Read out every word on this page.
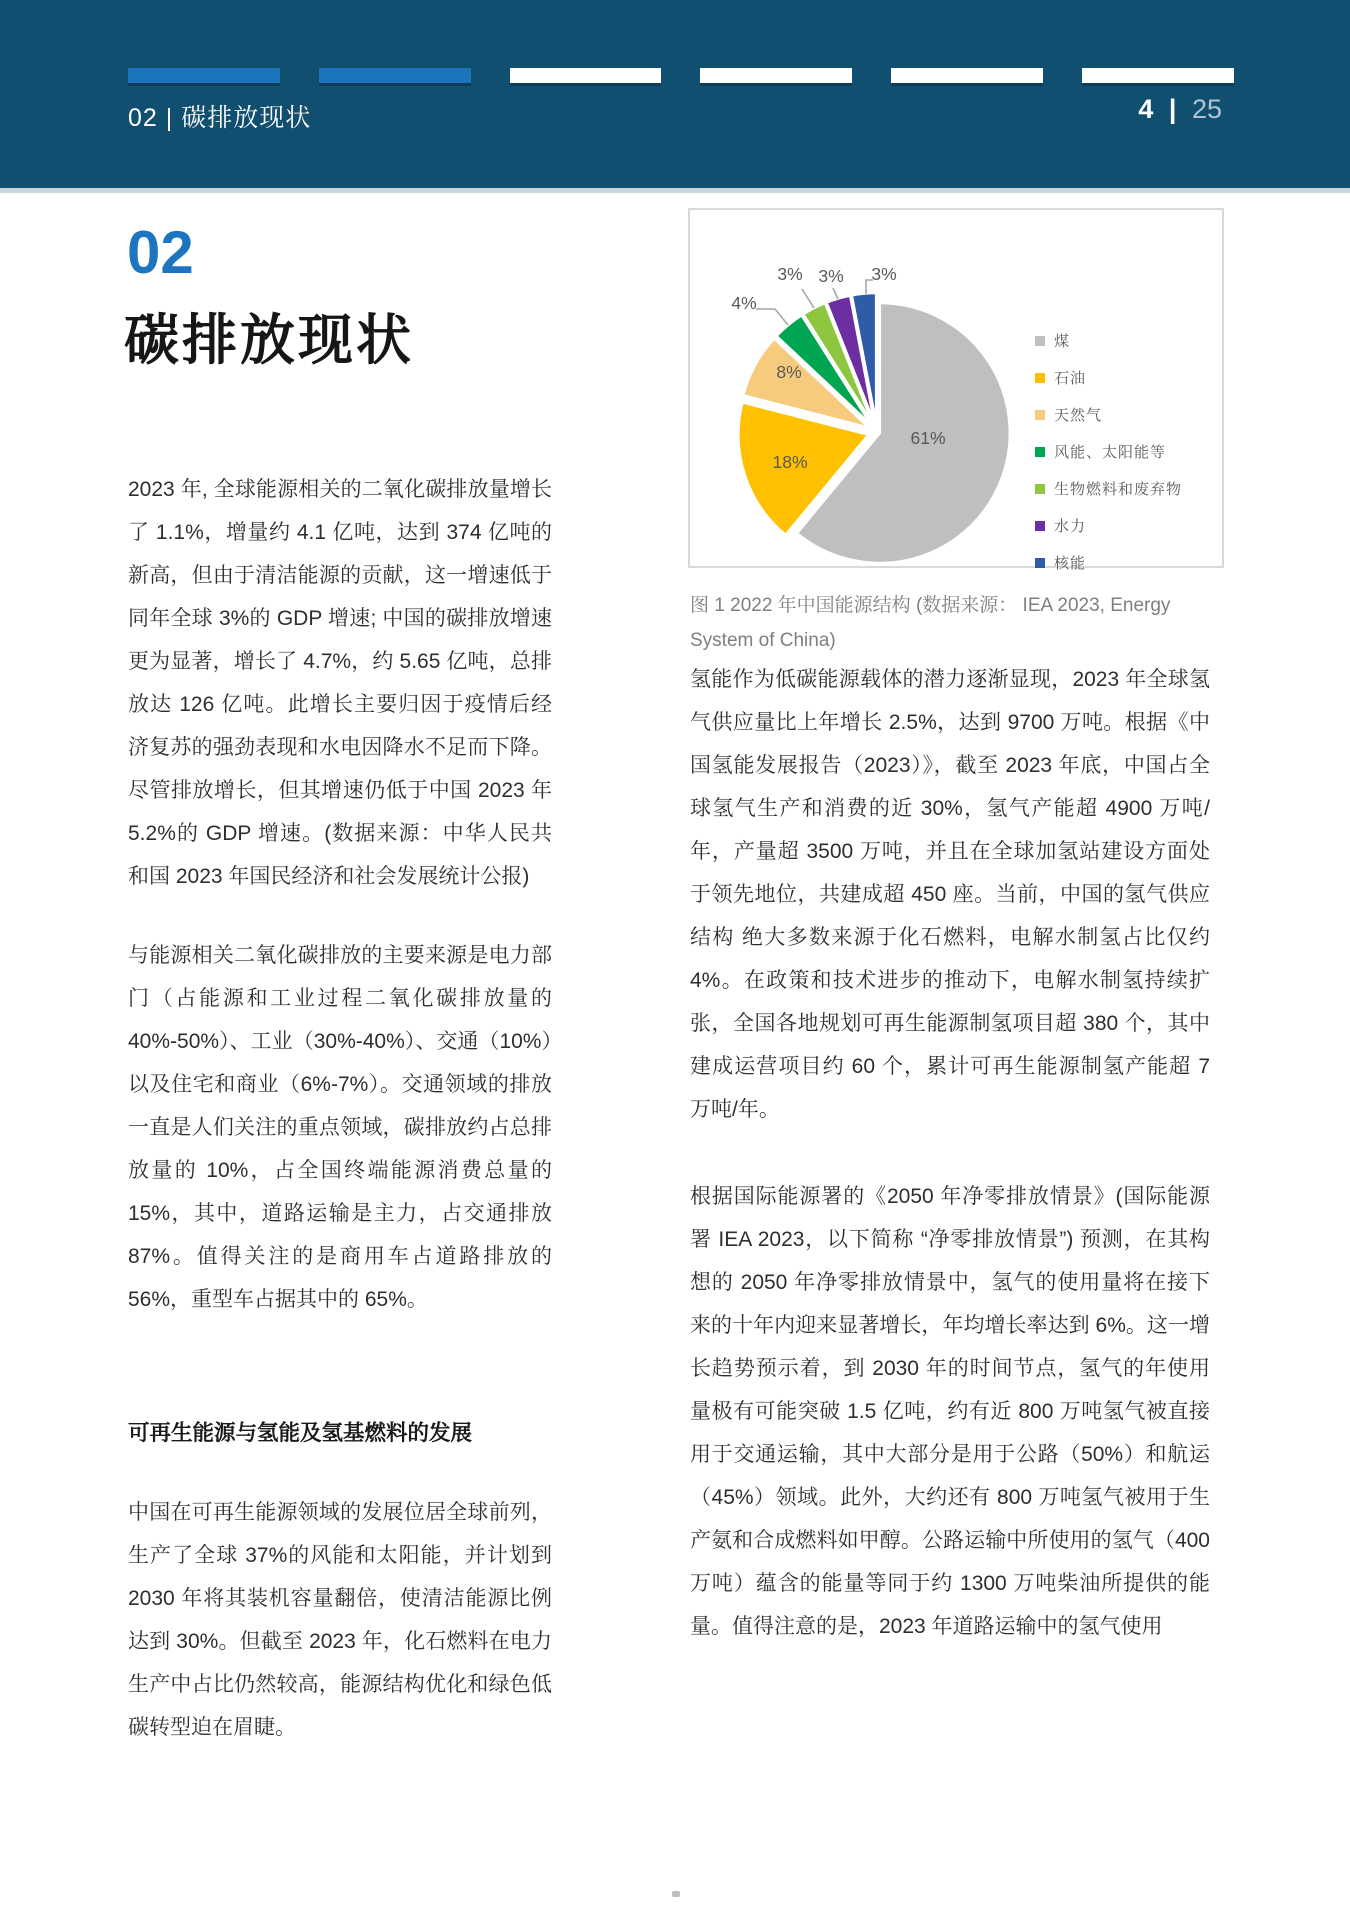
02 | 碳排放现状	4 | 25
02
碳排放现状
61%
18%
8%
4%
3% 3% 3%
煤
石油
天然气
风能、太阳能等
生物燃料和废弃物
水力
核能
图 1 2022 年中国能源结构 (数据来源： IEA 2023, Energy System of China)

2023 年, 全球能源相关的二氧化碳排放量增长了 1.1%，增量约 4.1 亿吨，达到 374 亿吨的新高，但由于清洁能源的贡献，这一增速低于同年全球 3%的 GDP 增速; 中国的碳排放增速更为显著，增长了 4.7%，约 5.65 亿吨，总排放达 126 亿吨。此增长主要归因于疫情后经济复苏的强劲表现和水电因降水不足而下降。尽管排放增长，但其增速仍低于中国 2023 年 5.2%的 GDP 增速。(数据来源：中华人民共和国 2023 年国民经济和社会发展统计公报)

与能源相关二氧化碳排放的主要来源是电力部门（占能源和工业过程二氧化碳排放量的 40%-50%）、工业（30%-40%）、交通（10%）以及住宅和商业（6%-7%）。交通领域的排放一直是人们关注的重点领域，碳排放约占总排放量的 10%，占全国终端能源消费总量的 15%，其中，道路运输是主力，占交通排放 87%。值得关注的是商用车占道路排放的 56%，重型车占据其中的 65%。

可再生能源与氢能及氢基燃料的发展

中国在可再生能源领域的发展位居全球前列，生产了全球 37%的风能和太阳能，并计划到 2030 年将其装机容量翻倍，使清洁能源比例达到 30%。但截至 2023 年，化石燃料在电力生产中占比仍然较高，能源结构优化和绿色低碳转型迫在眉睫。

氢能作为低碳能源载体的潜力逐渐显现，2023 年全球氢气供应量比上年增长 2.5%，达到 9700 万吨。根据《中国氢能发展报告（2023）》，截至 2023 年底，中国占全球氢气生产和消费的近 30%，氢气产能超 4900 万吨/年，产量超 3500 万吨，并且在全球加氢站建设方面处于领先地位，共建成超 450 座。当前，中国的氢气供应结构 绝大多数来源于化石燃料，电解水制氢占比仅约 4%。在政策和技术进步的推动下，电解水制氢持续扩张，全国各地规划可再生能源制氢项目超 380 个，其中建成运营项目约 60 个，累计可再生能源制氢产能超 7 万吨/年。

根据国际能源署的《2050 年净零排放情景》(国际能源署 IEA 2023，以下简称 “净零排放情景”) 预测，在其构想的 2050 年净零排放情景中，氢气的使用量将在接下来的十年内迎来显著增长，年均增长率达到 6%。这一增长趋势预示着，到 2030 年的时间节点，氢气的年使用量极有可能突破 1.5 亿吨，约有近 800 万吨氢气被直接用于交通运输，其中大部分是用于公路（50%）和航运（45%）领域。此外，大约还有 800 万吨氢气被用于生产氨和合成燃料如甲醇。公路运输中所使用的氢气（400 万吨）蕴含的能量等同于约 1300 万吨柴油所提供的能量。值得注意的是，2023 年道路运输中的氢气使用
